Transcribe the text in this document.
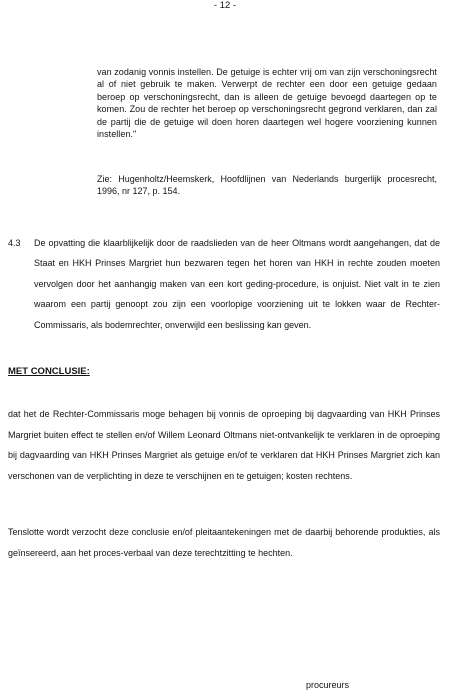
- 12 -

van zodanig vonnis instellen. De getuige is echter vrij om van zijn verschoningsrecht al of niet gebruik te maken. Verwerpt de rechter een door een getuige gedaan beroep op verschoningsrecht, dan is alleen de getuige bevoegd daartegen op te komen. Zou de rechter het beroep op verschoningsrecht gegrond verklaren, dan zal de partij die de getuige wil doen horen daartegen wel hogere voorziening kunnen instellen."

Zie: Hugenholtz/Heemskerk, Hoofdlijnen van Nederlands burgerlijk procesrecht, 1996, nr 127, p. 154.

4.3 De opvatting die klaarblijkelijk door de raadslieden van de heer Oltmans wordt aangehangen, dat de Staat en HKH Prinses Margriet hun bezwaren tegen het horen van HKH in rechte zouden moeten vervolgen door het aanhangig maken van een kort geding-procedure, is onjuist. Niet valt in te zien waarom een partij genoopt zou zijn een voorlopige voorziening uit te lokken waar de Rechter-Commissaris, als bodemrechter, onverwijld een beslissing kan geven.
MET CONCLUSIE:

dat het de Rechter-Commissaris moge behagen bij vonnis de oproeping bij dagvaarding van HKH Prinses Margriet buiten effect te stellen en/of Willem Leonard Oltmans niet-ontvankelijk te verklaren in de oproeping bij dagvaarding van HKH Prinses Margriet als getuige en/of te verklaren dat HKH Prinses Margriet zich kan verschonen van de verplichting in deze te verschijnen en te getuigen; kosten rechtens.

Tenslotte wordt verzocht deze conclusie en/of pleitaantekeningen met de daarbij behorende produkties, als geïnsereerd, aan het proces-verbaal van deze terechtzitting te hechten.

procureurs
